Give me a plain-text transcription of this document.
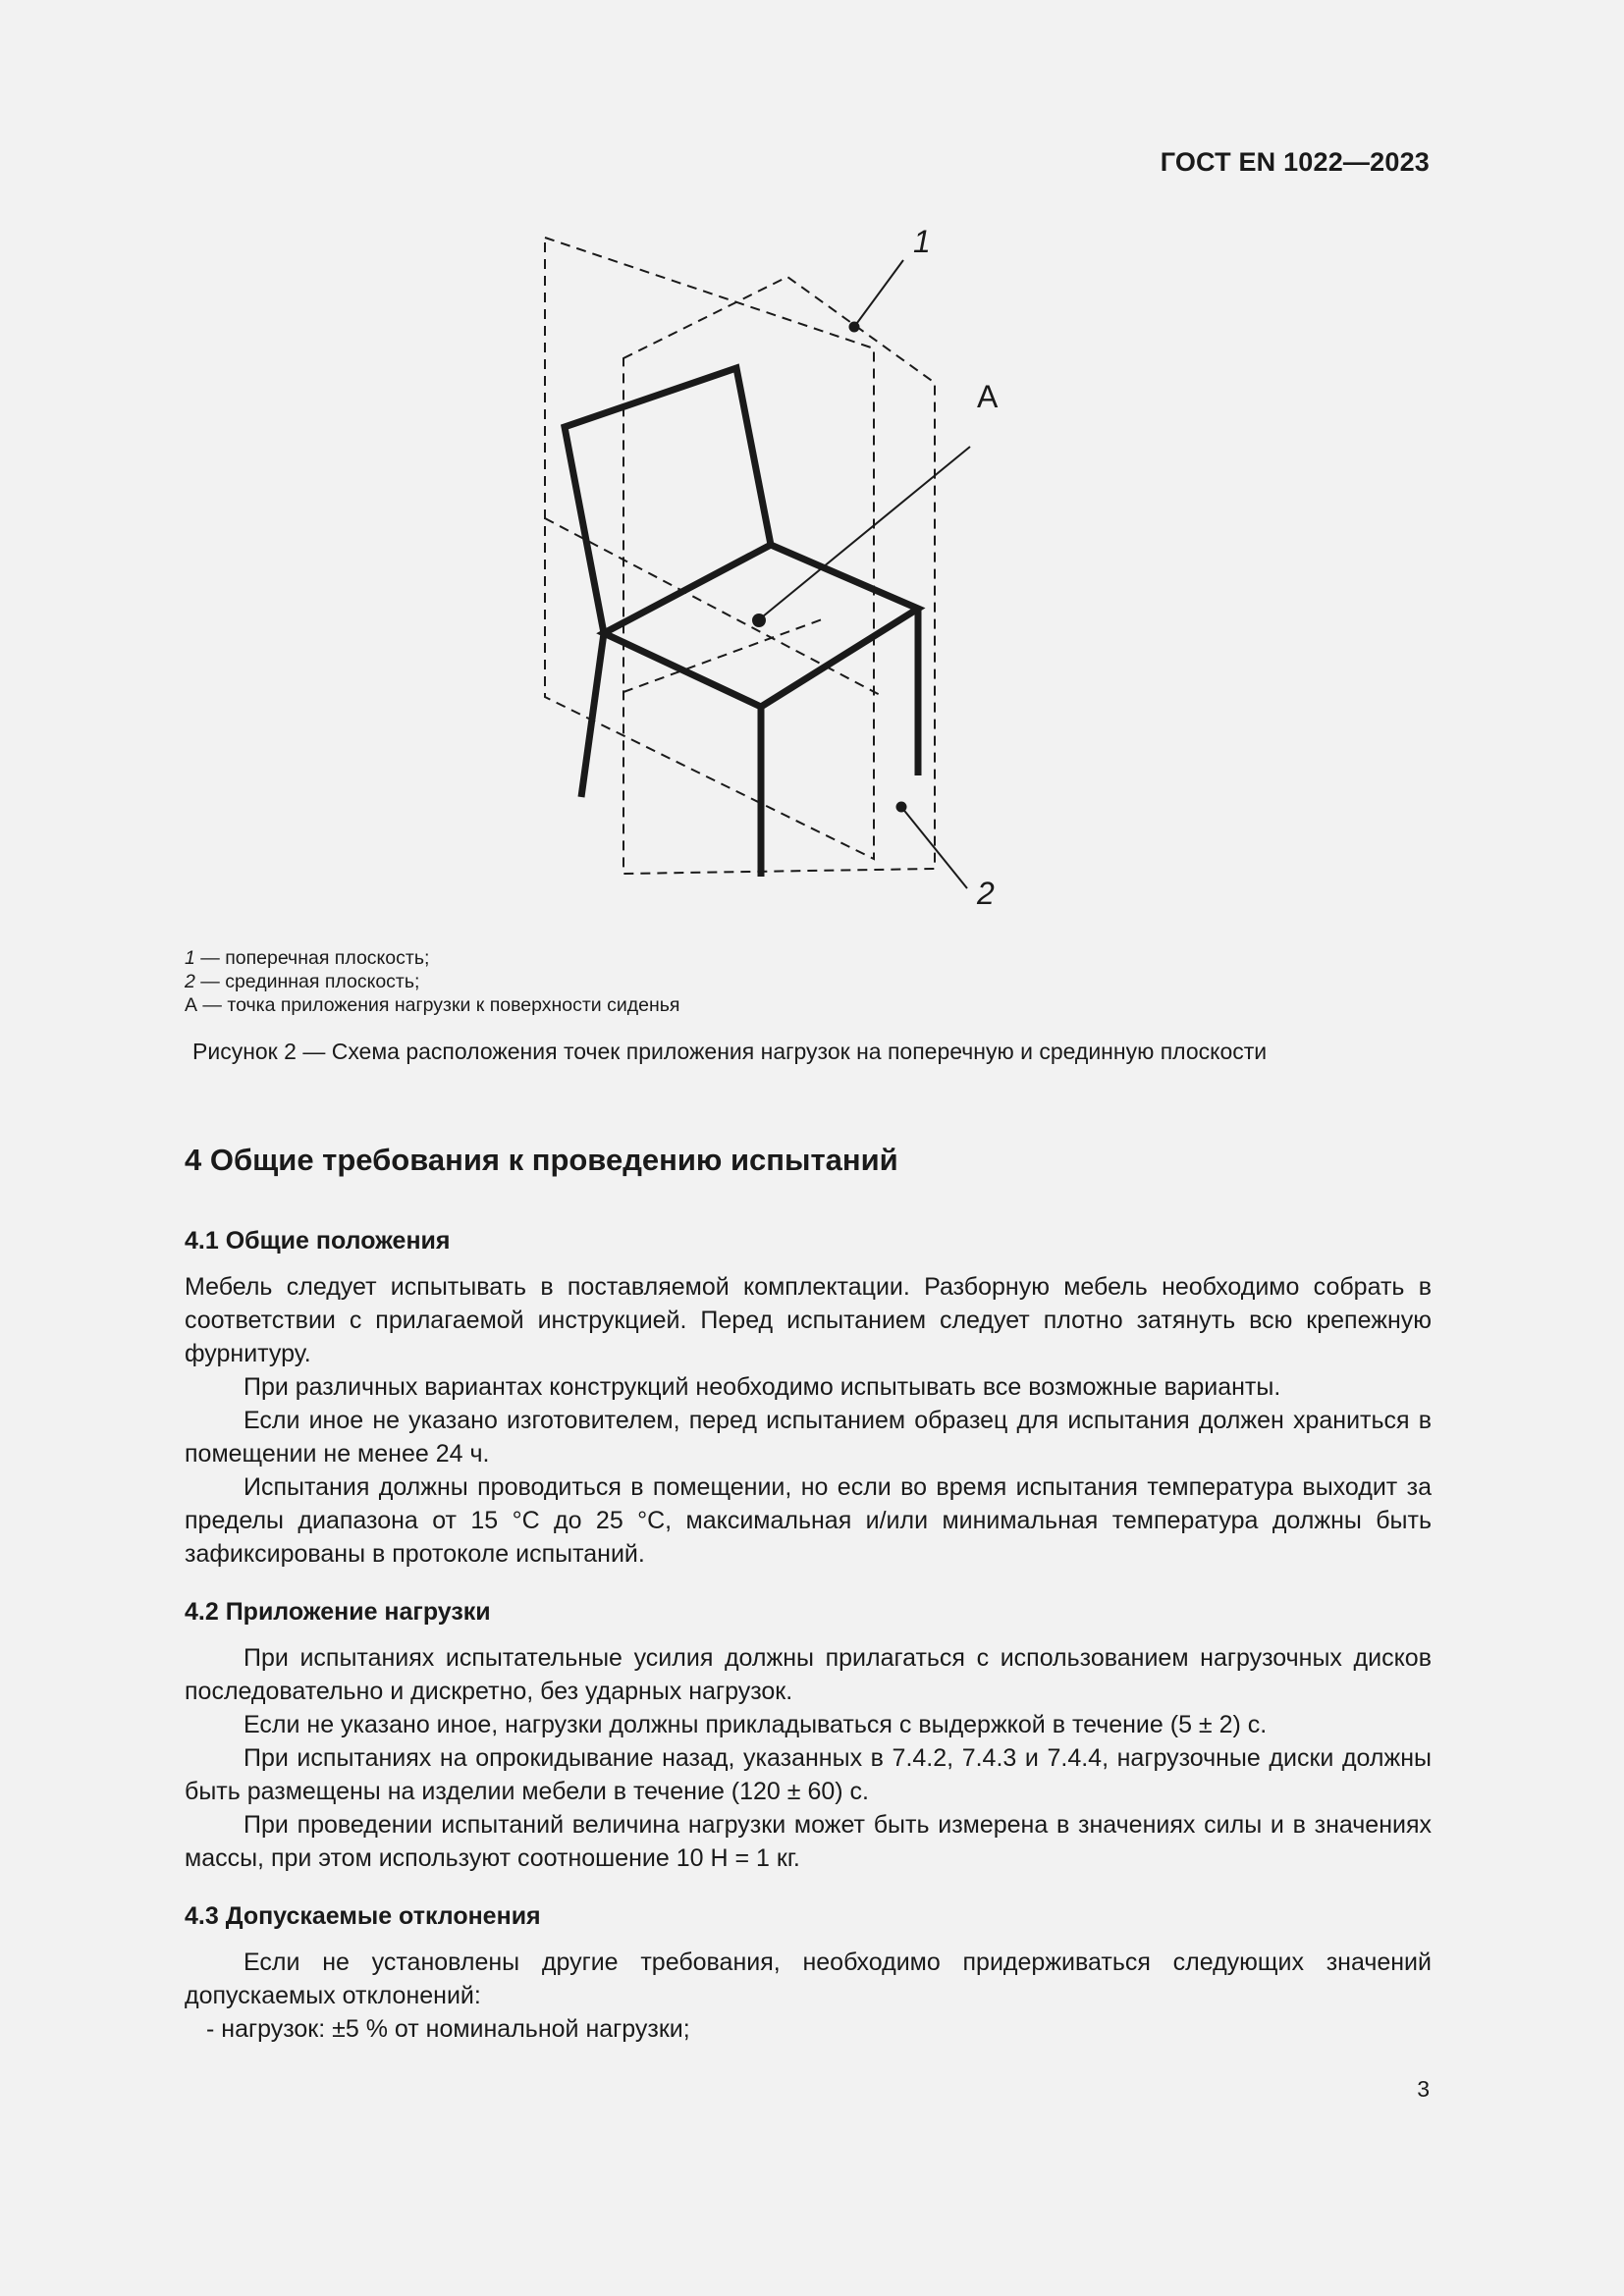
ГОСТ EN 1022—2023
A
1
2
1 — поперечная плоскость;
2 — срединная плоскость;
А — точка приложения нагрузки к поверхности сиденья
Рисунок 2 — Схема расположения точек приложения нагрузок на поперечную и срединную плоскости
4 Общие требования к проведению испытаний
4.1 Общие положения

Мебель следует испытывать в поставляемой комплектации. Разборную мебель необходимо собрать в соответствии с прилагаемой инструкцией. Перед испытанием следует плотно затянуть всю крепежную фурнитуру.

При различных вариантах конструкций необходимо испытывать все возможные варианты.

Если иное не указано изготовителем, перед испытанием образец для испытания должен храниться в помещении не менее 24 ч.

Испытания должны проводиться в помещении, но если во время испытания температура выходит за пределы диапазона от 15 °С до 25 °С, максимальная и/или минимальная температура должны быть зафиксированы в протоколе испытаний.

4.2 Приложение нагрузки

При испытаниях испытательные усилия должны прилагаться с использованием нагрузочных дисков последовательно и дискретно, без ударных нагрузок.

Если не указано иное, нагрузки должны прикладываться с выдержкой в течение (5 ± 2) с.

При испытаниях на опрокидывание назад, указанных в 7.4.2, 7.4.3 и 7.4.4, нагрузочные диски должны быть размещены на изделии мебели в течение (120 ± 60) с.

При проведении испытаний величина нагрузки может быть измерена в значениях силы и в значениях массы, при этом используют соотношение 10 Н = 1 кг.

4.3 Допускаемые отклонения

Если не установлены другие требования, необходимо придерживаться следующих значений допускаемых отклонений:

- нагрузок: ±5 % от номинальной нагрузки;
3
